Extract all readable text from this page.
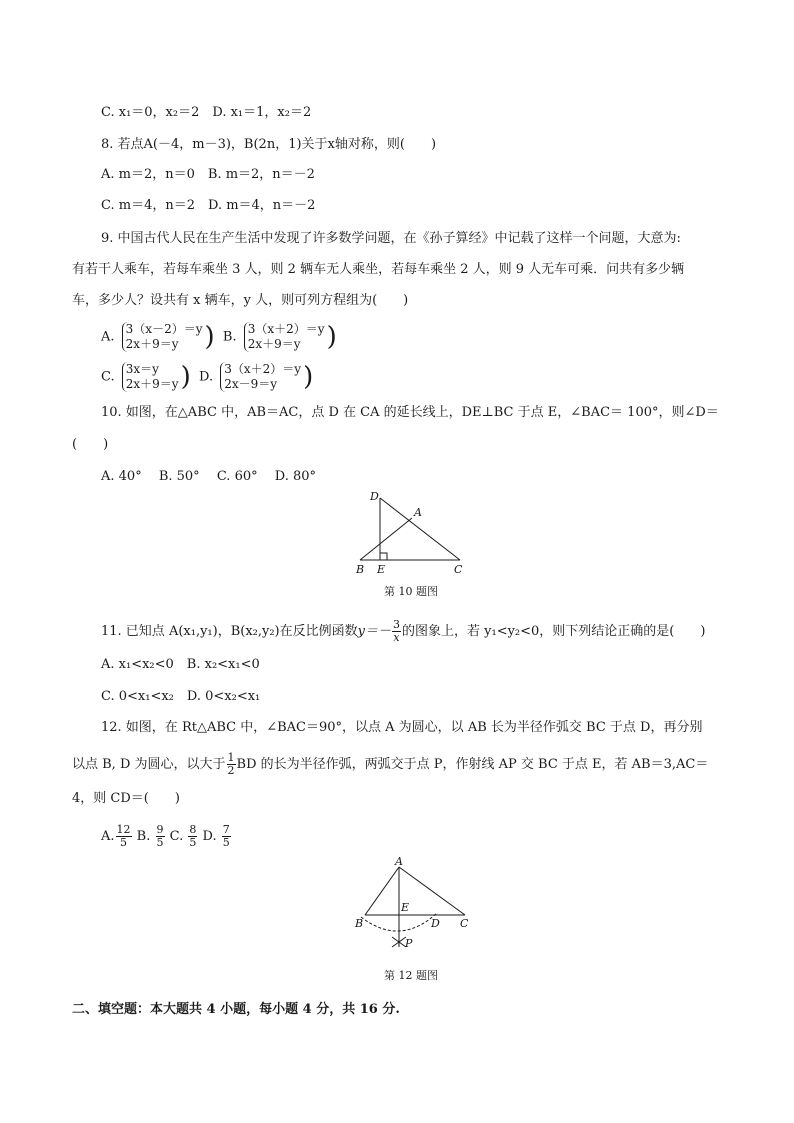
C. x₁＝0，x₂＝2　D. x₁＝1，x₂＝2
8. 若点A(－4，m－3)，B(2n，1)关于x轴对称，则(　　)
A. m＝2，n＝0　B. m＝2，n＝－2
C. m＝4，n＝2　D. m＝4，n＝－2
9. 中国古代人民在生产生活中发现了许多数学问题，在《孙子算经》中记载了这样一个问题，大意为:
有若干人乘车，若每车乘坐 3 人，则 2 辆车无人乘坐，若每车乘坐 2 人，则 9 人无车可乘．问共有多少辆
车，多少人？设共有 x 辆车，y 人，则可列方程组为(　　)
A.
3（x－2）＝y
2x＋9＝y	) B.
3（x＋2）＝y
2x＋9＝y	)
C.
3x＝y
2x＋9＝y ) D.
3（x＋2）＝y
2x－9＝y	)
10. 如图，在△ABC 中，AB＝AC，点 D 在 CA 的延长线上，DE⊥BC 于点 E，∠BAC＝ 100°，则∠D＝
(　　)
A. 40°　 B. 50°　 C. 60°　 D. 80°
D
A
B E	C
第 10 题图
11. 已知点 A(x₁,y₁)，B(x₂,y₂)在反比例函数$y=- \frac{3}{x}$ 的图象上，若 y₁<y₂<0，则下列结论正确的是(　　)
A. x₁<x₂<0　B. x₂<x₁<0
C. 0<x₁<x₂　D. 0<x₂<x₁
12. 如图，在 Rt△ABC 中，∠BAC＝90°，以点 A 为圆心，以 AB 长为半径作弧交 BC 于点 D，再分别
以点 B, D 为圆心，以大于 $\frac{1}{2}$ BD 的长为半径作弧，两弧交于点 P，作射线 AP 交 BC 于点 E，若 AB＝3,AC＝
4，则 CD＝(　　)
A. $\frac{12}{5} B$. $\frac{9}{5} C$. $\frac{8}{5} D$. $\frac{7}{5}$
A
B
E
D C
P
第 12 题图
二、填空题：本大题共 4 小题，每小题 4 分，共 16 分.
